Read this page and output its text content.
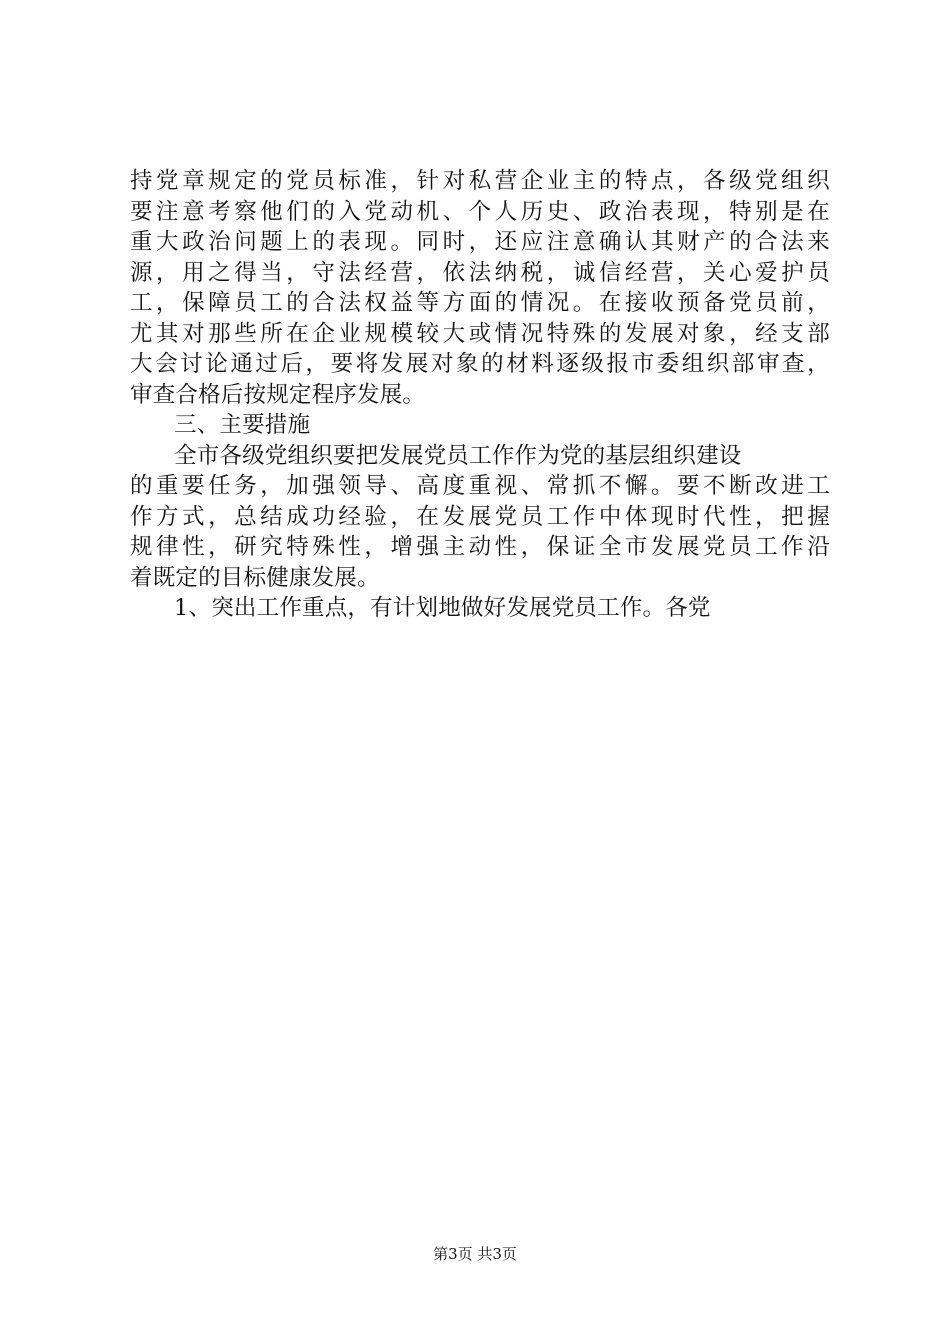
持 党 章 规 定 的 党 员 标 准 ， 针 对 私 营 企 业 主 的 特 点 ， 各 级 党 组 织
要 注 意 考 察 他 们 的 入 党 动 机 、 个 人 历 史 、 政 治 表 现 ， 特 别 是 在
重 大 政 治 问 题 上 的 表 现 。 同 时 ， 还 应 注 意 确 认 其 财 产 的 合 法 来
源 ， 用 之 得 当 ， 守 法 经 营 ， 依 法 纳 税 ， 诚 信 经 营 ， 关 心 爱 护 员
工 ， 保 障 员 工 的 合 法 权 益 等 方 面 的 情 况 。 在 接 收 预 备 党 员 前 ，
尤 其 对 那 些 所 在 企 业 规 模 较 大 或 情 况 特 殊 的 发 展 对 象 ， 经 支 部
大 会 讨 论 通 过 后 ， 要 将 发 展 对 象 的 材 料 逐 级 报 市 委 组 织 部 审 查 ，
审查合格后按规定程序发展。
三、主要措施
全市各级党组织要把发展党员工作作为党的基层组织建设
的 重 要 任 务 ， 加 强 领 导 、 高 度 重 视 、 常 抓 不 懈 。 要 不 断 改 进 工
作 方 式 ， 总 结 成 功 经 验 ， 在 发 展 党 员 工 作 中 体 现 时 代 性 ， 把 握
规 律 性 ， 研 究 特 殊 性 ， 增 强 主 动 性 ， 保 证 全 市 发 展 党 员 工 作 沿
着既定的目标健康发展。
1、突出工作重点，有计划地做好发展党员工作。各党
第3页 共3页
